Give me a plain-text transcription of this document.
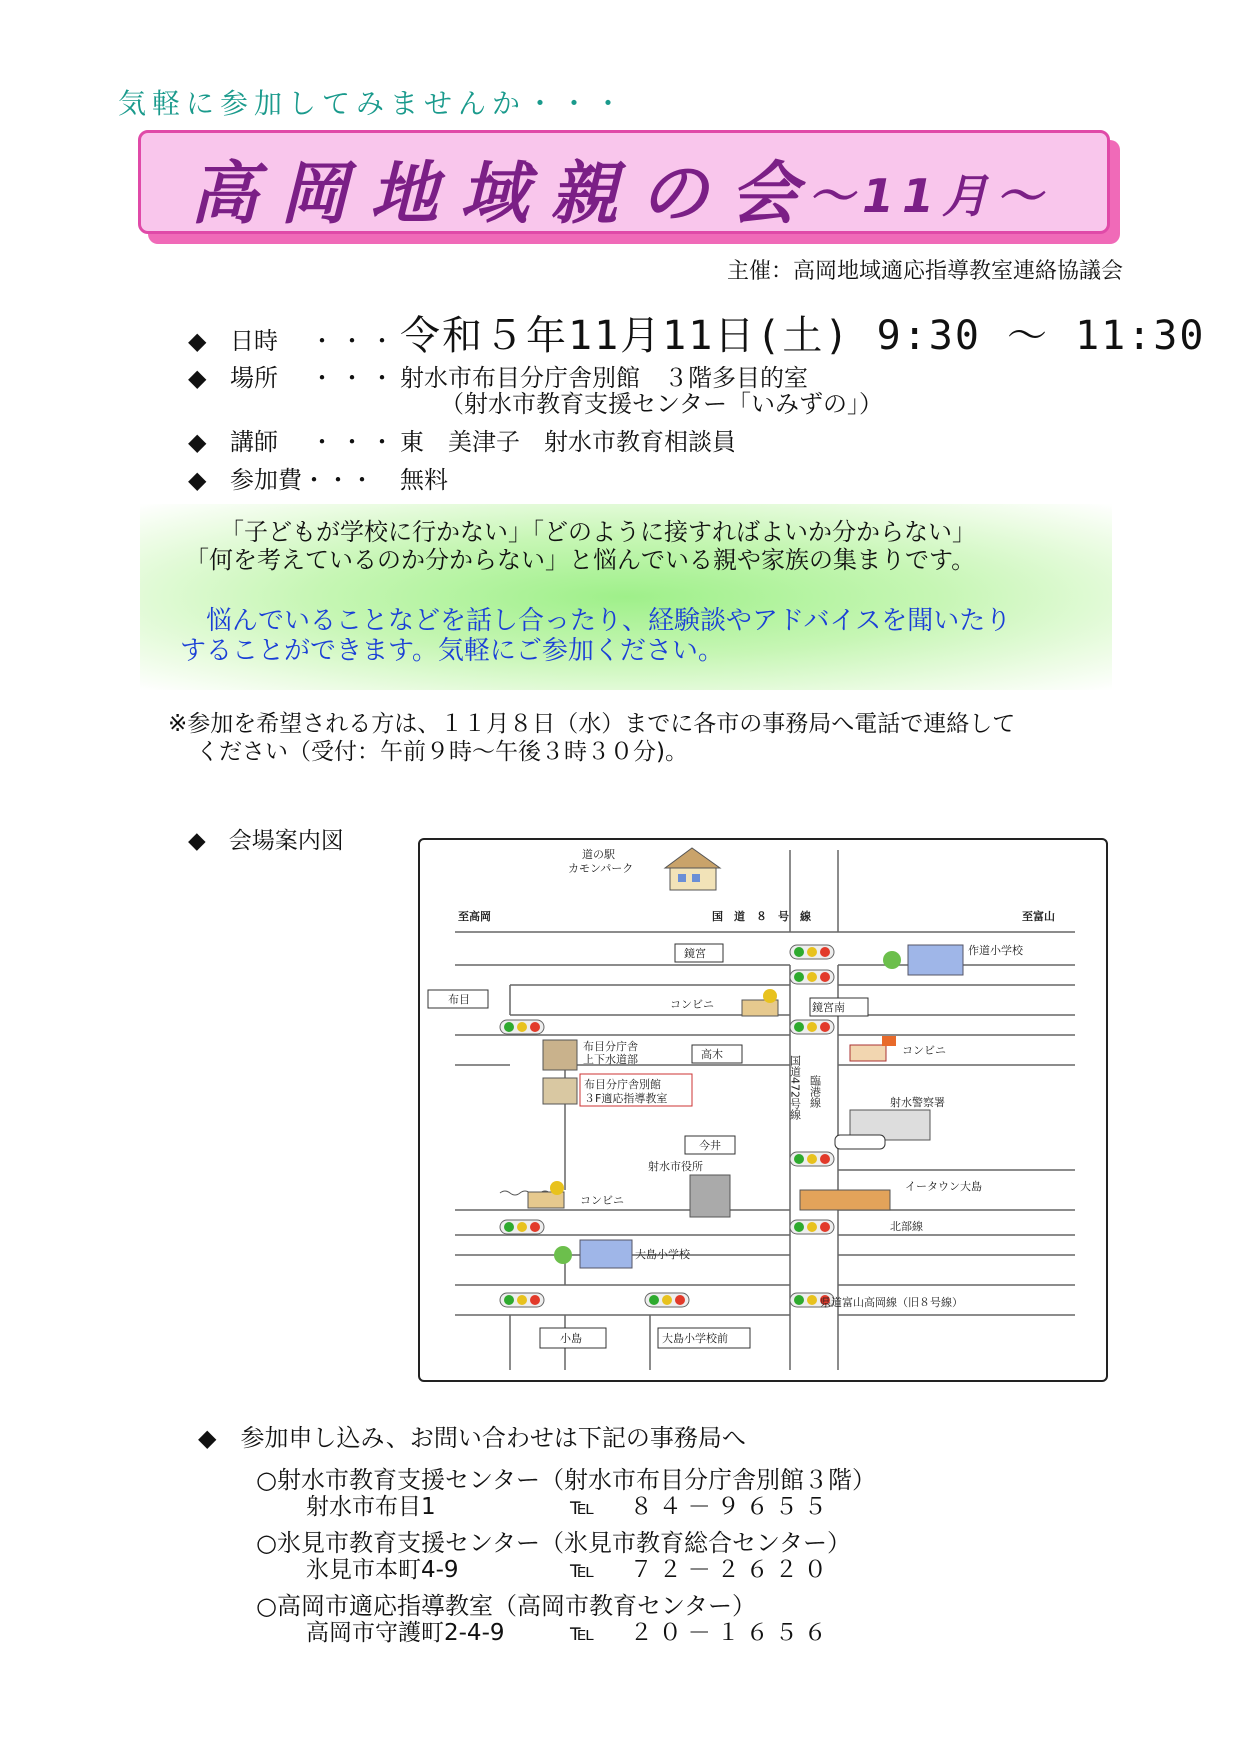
気軽に参加してみませんか・・・
高岡地域親の会
～11月～
主催：高岡地域適応指導教室連絡協議会
◆ 日時 ・・・令和５年11月11日(土) 9:30 ～ 11:30
◆ 場所 ・・・射水市布目分庁舎別館　３階多目的室
（射水市教育支援センター「いみずの」）
◆ 講師 ・・・東　美津子　射水市教育相談員
◆ 参加費・・・ 無料
「子どもが学校に行かない」「どのように接すればよいか分からない」
「何を考えているのか分からない」と悩んでいる親や家族の集まりです。
悩んでいることなどを話し合ったり、経験談やアドバイスを聞いたり
することができます。気軽にご参加ください。
※参加を希望される方は、１１月８日（水）までに各市の事務局へ電話で連絡して
ください（受付：午前９時～午後３時３０分)。
◆　会場案内図
道の駅
カモンパーク
至高岡	国　道　８　号　線	至富山
鏡宮	作道小学校
布目	コンビニ	鏡宮南
布目分庁舎
上下水道部	高木	コンビニ
布目分庁舎別館
３F適応指導教室	国道472号線 臨港線	射水警察署
今井
射水市役所
コンビニ
イータウン大島
北部線
大島小学校
県道富山高岡線（旧８号線）
小島	大島小学校前
◆　参加申し込み、お問い合わせは下記の事務局へ
○射水市教育支援センター（射水市布目分庁舎別館３階）
射水市布目1	℡　８４－９６５５
○氷見市教育支援センター（氷見市教育総合センター）
氷見市本町4-9	℡　７２－２６２０
○高岡市適応指導教室（高岡市教育センター）
高岡市守護町2-4-9	℡　２０－１６５６
